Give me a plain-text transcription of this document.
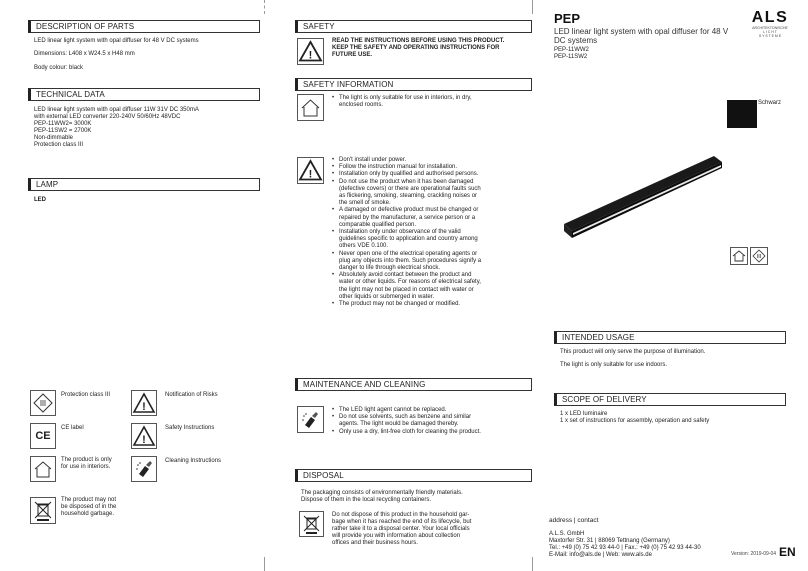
DESCRIPTION OF PARTS
LED linear light system with opal diffuser for 48 V DC systems
Dimensions: L408 x W24.5 x H48 mm
Body colour: black
TECHNICAL DATA
LED linear light system with opal diffuser 11W 31V DC 350mA
with external LED converter 220-240V 50/60Hz 48VDC
PEP-11WW2= 3000K
PEP-11SW2 = 2700K
Non-dimmable
Protection class III
LAMP
LED
Protection class III
!
Notification of Risks
CE
CE label
!
Safety Instructions
The product is only
for use in interiors.
Cleaning Instructions
The product may not
be disposed of in the
household garbage.
SAFETY
!
READ THE INSTRUCTIONS BEFORE USING THIS PRODUCT.
KEEP THE SAFETY AND OPERATING INSTRUCTIONS FOR
FUTURE USE.
SAFETY INFORMATION
• The light is only suitable for use in interiors, in dry, enclosed rooms.
!
• Don't install under power.
• Follow the instruction manual for installation.
• Installation only by qualified and authorised persons.
• Do not use the product when it has been damaged (defective covers) or there are operational faults such as flickering, smoking, steaming, crackling noises or the smell of smoke.
• A damaged or defective product must be changed or repaired by the manufacturer, a service person or a comparable qualified person.
• Installation only under observance of the valid guidelines specific to application and country among others VDE 0.100.
• Never open one of the electrical operating agents or plug any objects into them. Such procedures signify a danger to life through electrical shock.
• Absolutely avoid contact between the product and water or other liquids. For reasons of electrical safety, the light may not be placed in contact with water or other liquids or submerged in water.
• The product may not be changed or modified.
MAINTENANCE AND CLEANING
• The LED light agent cannot be replaced.
• Do not use solvents, such as benzene and similar agents. The light would be damaged thereby.
• Only use a dry, lint-free cloth for cleaning the product.
DISPOSAL
The packaging consists of environmentally friendly materials.
Dispose of them in the local recycling containers.
Do not dispose of this product in the household gar-
bage when it has reached the end of its lifecycle, but
rather take it to a disposal center. Your local officials
will provide you with information about collection
offices and their business hours.
PEP
LED linear light system with opal diffuser for 48 V
DC systems
PEP-11WW2
PEP-11SW2
ALS
ARCHITEKTONISCHE
L I C H T
S Y S T E M E
Schwarz
INTENDED USAGE
This product will only serve the purpose of illumination.
The light is only suitable for use indoors.
SCOPE OF DELIVERY
1 x LED luminaire
1 x set of instructions for assembly, operation and safety
address | contact
A.L.S. GmbH
Maxtorfer Str. 31 | 88069 Tettnang (Germany)
Tel.: +49 (0) 75 42 93 44-0 | Fax.: +49 (0) 75 42 93 44-30
E-Mail: info@als.de | Web: www.als.de	Version: 2019-09-04 EN
